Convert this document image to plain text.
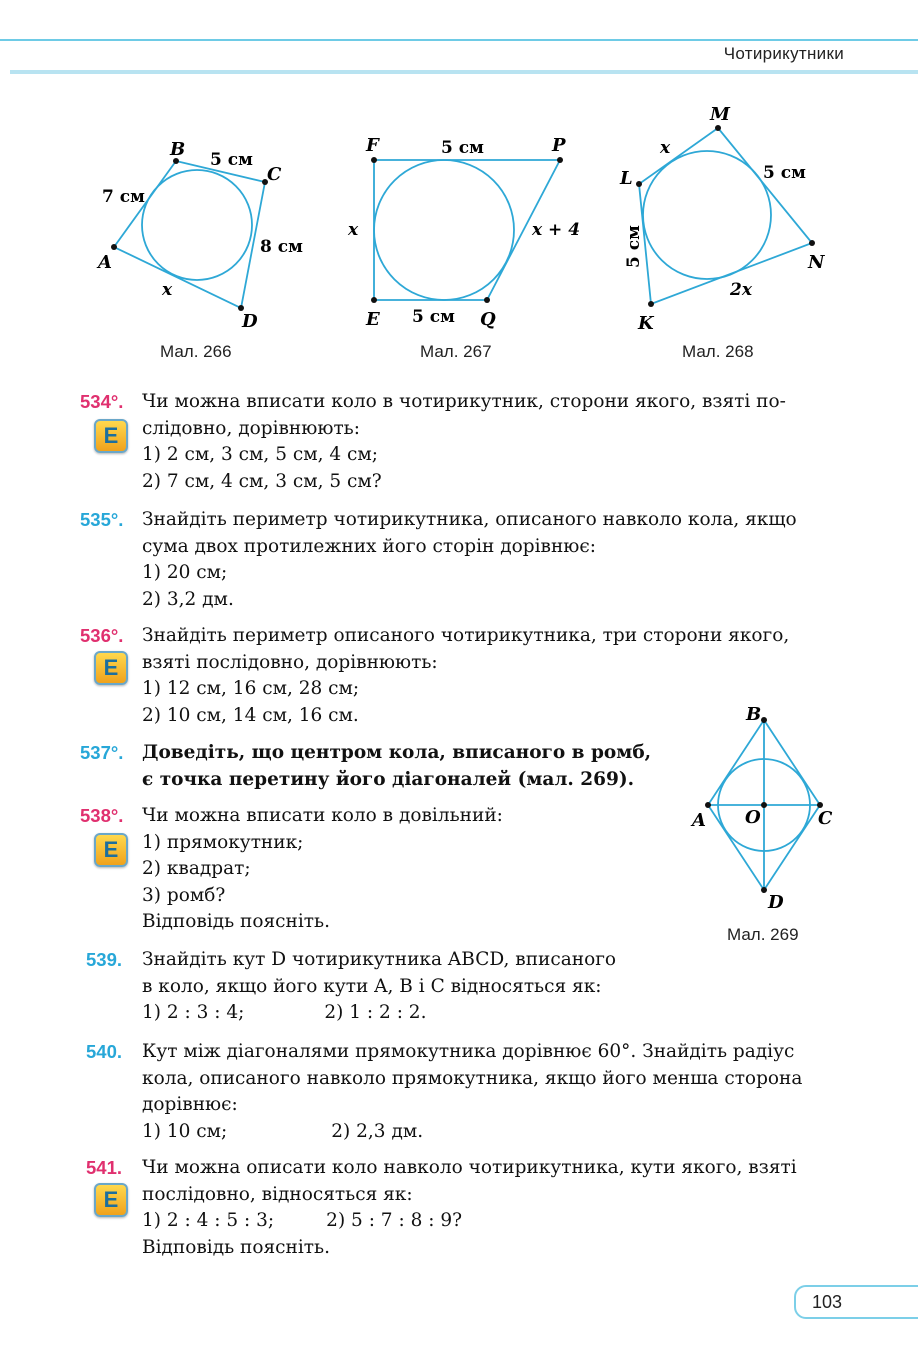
Чотирикутники
A
B
C
D
7 см
5 см
8 см
x
Мал. 266
F	P
E	Q
5 см
5 см
x	x + 4
Мал. 267
M
L
N
K
x
5 см
2x
5 см
Мал. 268
B
A O	C
D
Мал. 269
534°.
Е
Чи можна вписати коло в чотирикутник, сторони якого, взяті по-
слідовно, дорівнюють:
1) 2 см, 3 см, 5 см, 4 см;
2) 7 см, 4 см, 3 см, 5 см?
535°. Знайдіть периметр чотирикутника, описаного навколо кола, якщо
сума двох протилежних його сторін дорівнює:
1) 20 см;
2) 3,2 дм.
536°.
Е
Знайдіть периметр описаного чотирикутника, три сторони якого,
взяті послідовно, дорівнюють:
1) 12 см, 16 см, 28 см;
2) 10 см, 14 см, 16 см.
537°. Доведіть, що центром кола, вписаного в ромб,
є точка перетину його діагоналей (мал. 269).
538°.
Е
Чи можна вписати коло в довільний:
1) прямокутник;
2) квадрат;
3) ромб?
Відповідь поясніть.
539. Знайдіть кут D чотирикутника ABCD, вписаного
в коло, якщо його кути A, B і C відносяться як:
1) 2 : 3 : 4;	2) 1 : 2 : 2.
540. Кут між діагоналями прямокутника дорівнює 60°. Знайдіть радіус
кола, описаного навколо прямокутника, якщо його менша сторона
дорівнює:
1) 10 см;	2) 2,3 дм.
541.
Е
Чи можна описати коло навколо чотирикутника, кути якого, взяті
послідовно, відносяться як:
1) 2 : 4 : 5 : 3;	2) 5 : 7 : 8 : 9?
Відповідь поясніть.
103
